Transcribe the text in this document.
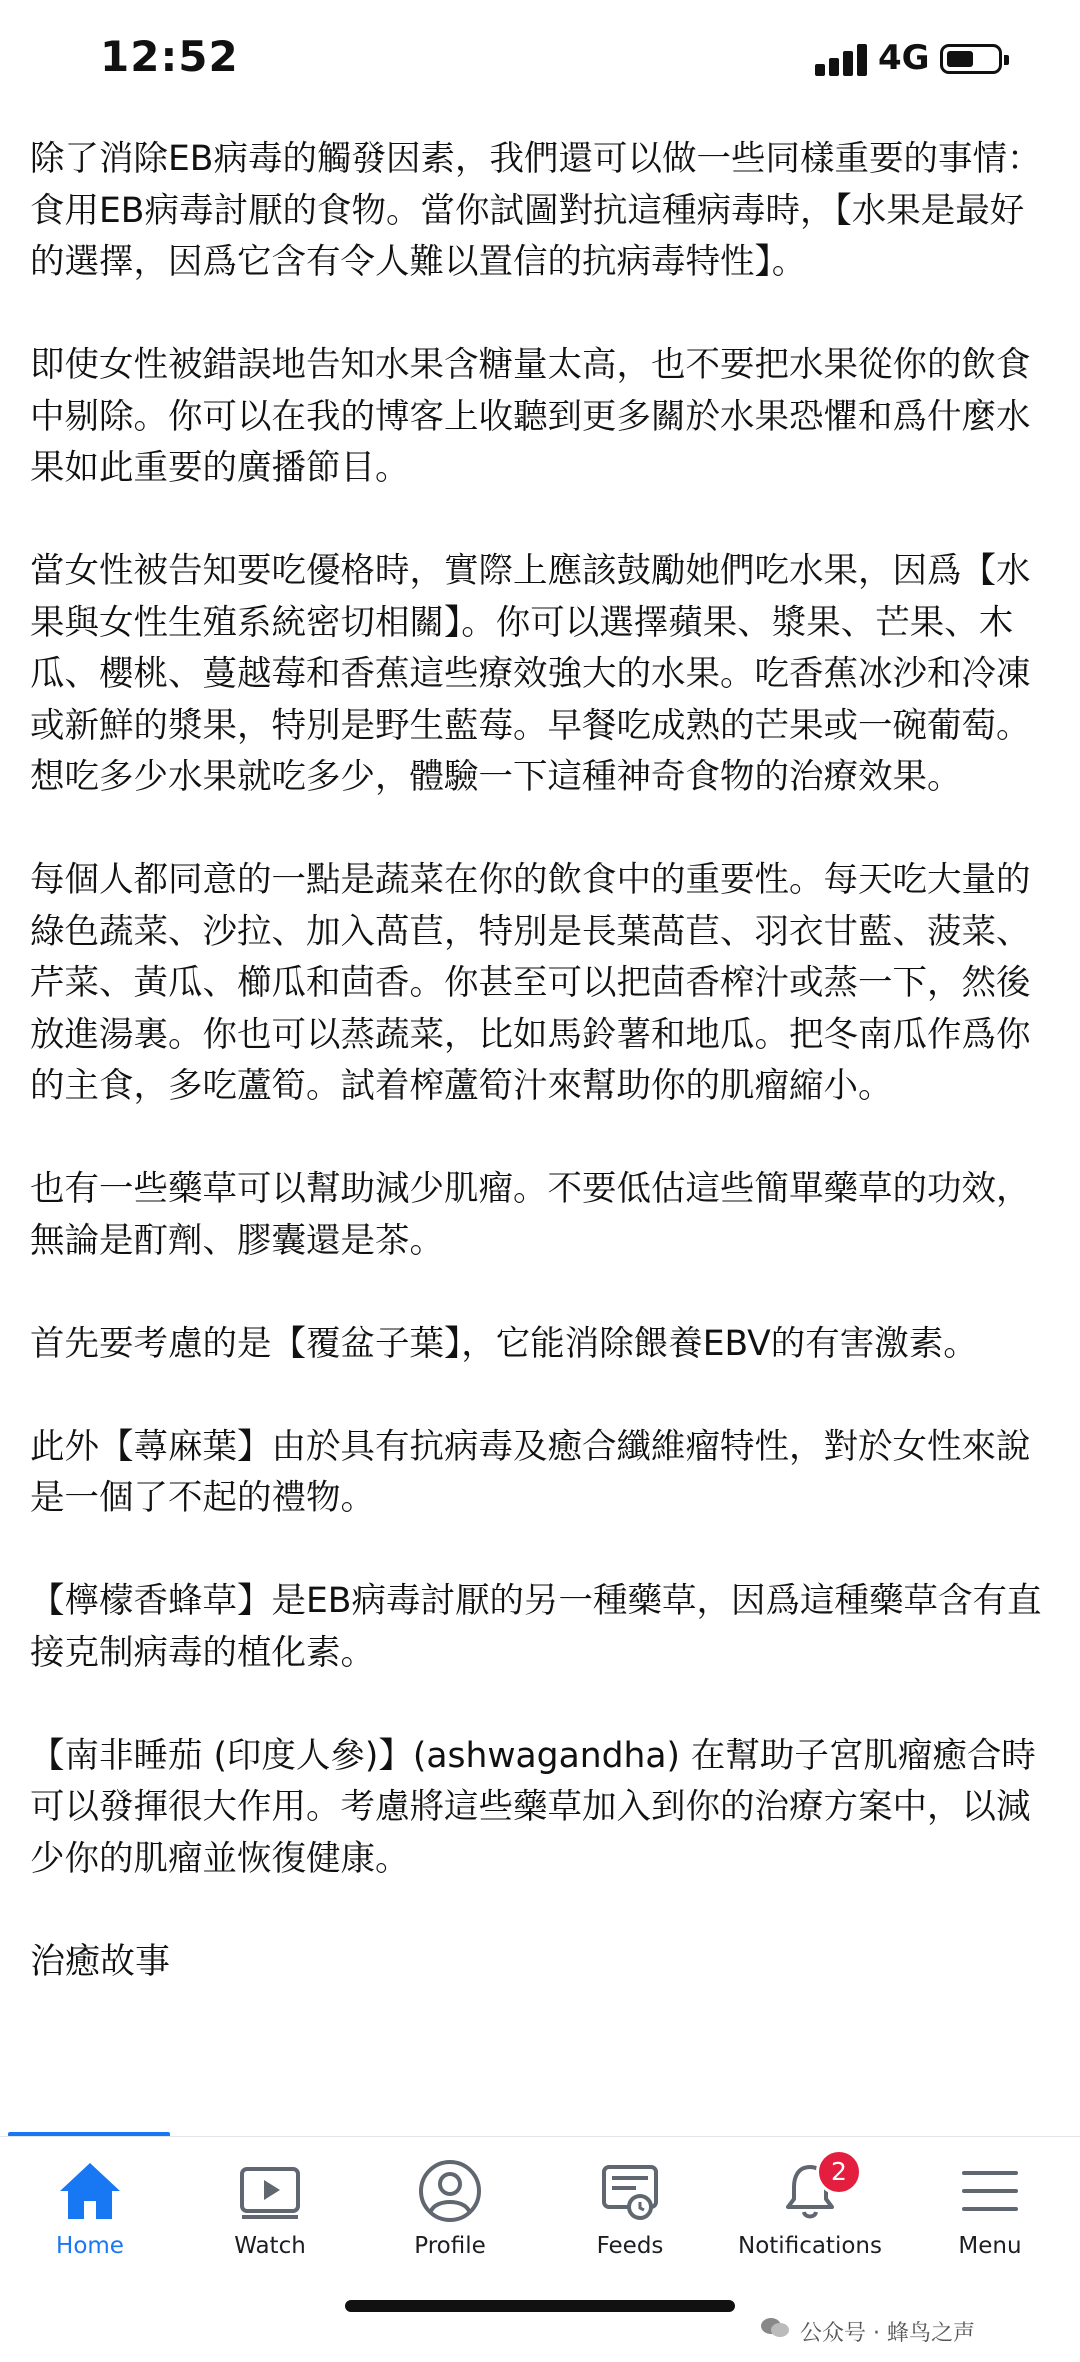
12:52	4G

除了消除EB病毒的觸發因素，我們還可以做一些同樣重要的事情：食用EB病毒討厭的食物。當你試圖對抗這種病毒時，【水果是最好的選擇，因爲它含有令人難以置信的抗病毒特性】。

即使女性被錯誤地告知水果含糖量太高，也不要把水果從你的飲食中剔除。你可以在我的博客上收聽到更多關於水果恐懼和爲什麼水果如此重要的廣播節目。

當女性被告知要吃優格時，實際上應該鼓勵她們吃水果，因爲【水果與女性生殖系統密切相關】。你可以選擇蘋果、漿果、芒果、木瓜、櫻桃、蔓越莓和香蕉這些療效強大的水果。吃香蕉冰沙和冷凍或新鮮的漿果，特別是野生藍莓。早餐吃成熟的芒果或一碗葡萄。想吃多少水果就吃多少，體驗一下這種神奇食物的治療效果。

每個人都同意的一點是蔬菜在你的飲食中的重要性。每天吃大量的綠色蔬菜、沙拉、加入萵苣，特別是長葉萵苣、羽衣甘藍、菠菜、芹菜、黃瓜、櫛瓜和茴香。你甚至可以把茴香榨汁或蒸一下，然後放進湯裏。你也可以蒸蔬菜，比如馬鈴薯和地瓜。把冬南瓜作爲你的主食，多吃蘆筍。試着榨蘆筍汁來幫助你的肌瘤縮小。

也有一些藥草可以幫助減少肌瘤。不要低估這些簡單藥草的功效，無論是酊劑、膠囊還是茶。

首先要考慮的是【覆盆子葉】，它能消除餵養EBV的有害激素。

此外【蕁麻葉】由於具有抗病毒及癒合纖維瘤特性，對於女性來說是一個了不起的禮物。

【檸檬香蜂草】是EB病毒討厭的另一種藥草，因爲這種藥草含有直接克制病毒的植化素。

【南非睡茄 (印度人參)】(ashwagandha) 在幫助子宮肌瘤癒合時可以發揮很大作用。考慮將這些藥草加入到你的治療方案中，以減少你的肌瘤並恢復健康。

治癒故事

Home	Watch	Profile	Feeds
2
Notifications	Menu
公众号 · 蜂鸟之声
